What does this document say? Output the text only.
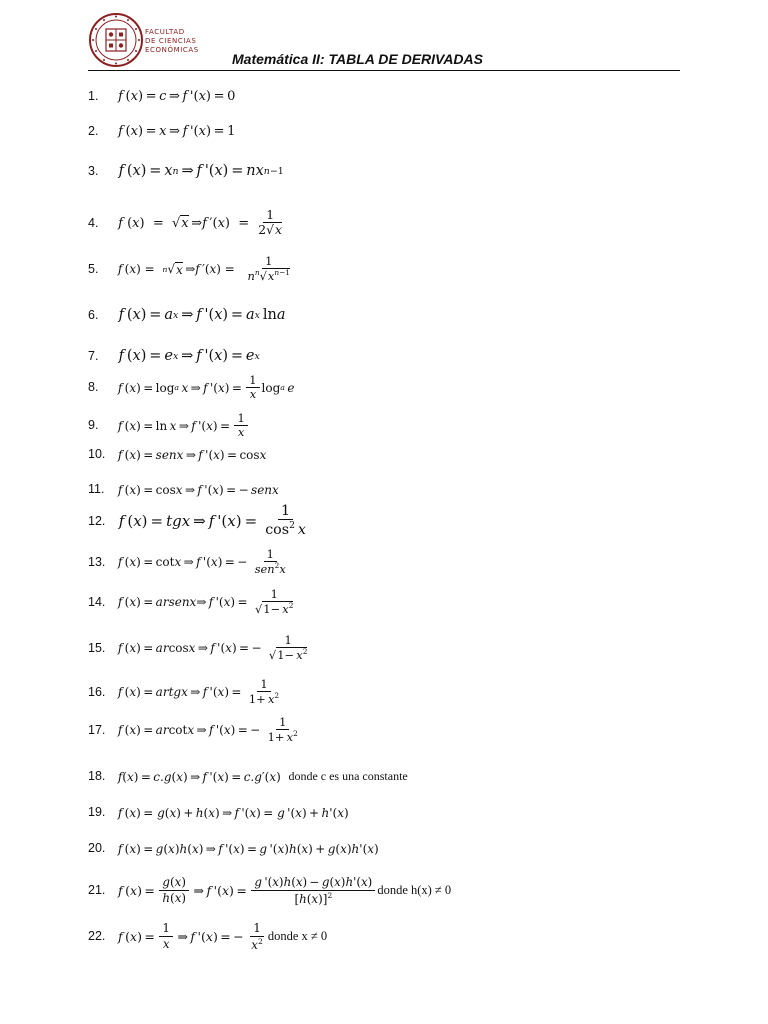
FACULTAD
DE CIENCIAS
ECONÓMICAS
Matemática II: TABLA DE DERIVADAS
1. f  ( x ) =  c  ⇒  f  '( x ) = 0
2. f  ( x ) =  x  ⇒  f  '( x ) = 1
3. f  ( x ) =  x n  ⇒  f  '( x ) =  nx n−1
4. f ( x )  =  √ x  ⇒ f  ′( x )  =
1
2√x
5. f  ( x ) = n √ x  ⇒ f  ′( x ) =
1
$n^n√x^{n-1}$
6. f  ( x ) =  a x  ⇒  f  '( x ) =  a x  ln a
7. f  ( x ) =  e x  ⇒  f  '( x ) =  e x
8. f  ( x ) = log a
  x  ⇒  f  '( x ) = 
1
x log a
  e
9. f  ( x ) = ln  x  ⇒  f  '( x ) = 
1
x
10. f  ( x ) =  senx  ⇒  f  '( x ) = cos x
11. f  ( x ) = cos x  ⇒  f  '( x ) = −  senx
12. f  ( x ) =  tgx  ⇒  f  '( x ) = 
1
$\cos^2 x$
13. f  ( x ) = cot x  ⇒  f  '( x ) = − 
1
sen$^2$x
14. f  ( x ) =  arsenx ⇒  f  '( x ) = 
1
$√1- x^2$
15. f  ( x ) =  ar cos x  ⇒  f  '( x ) = − 
1
$√1- x^2$
16. f  ( x ) =  artgx  ⇒  f  '( x ) = 
1
$1+ x^2$
17. f  ( x ) =  ar cot x  ⇒  f  '( x ) = − 
1
$1+ x^2$
18. f ( x ) =  c . g ( x ) ⇒  f  '( x ) =  c . g ′( x ) donde c es una constante
19. f  ( x ) = g ( x ) +  h ( x ) ⇒  f  '( x ) = g  '( x ) +  h '( x )
20. f  ( x ) =  g ( x ) h ( x ) ⇒  f  '( x ) =  g  '( x ) h ( x ) +  g ( x ) h '( x )
21. f  ( x ) = 
g(x)
h(x)  ⇒  f  '( x ) = 
g '(x)h(x) − g(x)h'(x)
$[h(x)]^2$	donde h(x) ≠ 0
22. f  ( x ) = 
1
x  ⇒  f  '( x ) = − 
1
$x^2$ donde x ≠ 0
